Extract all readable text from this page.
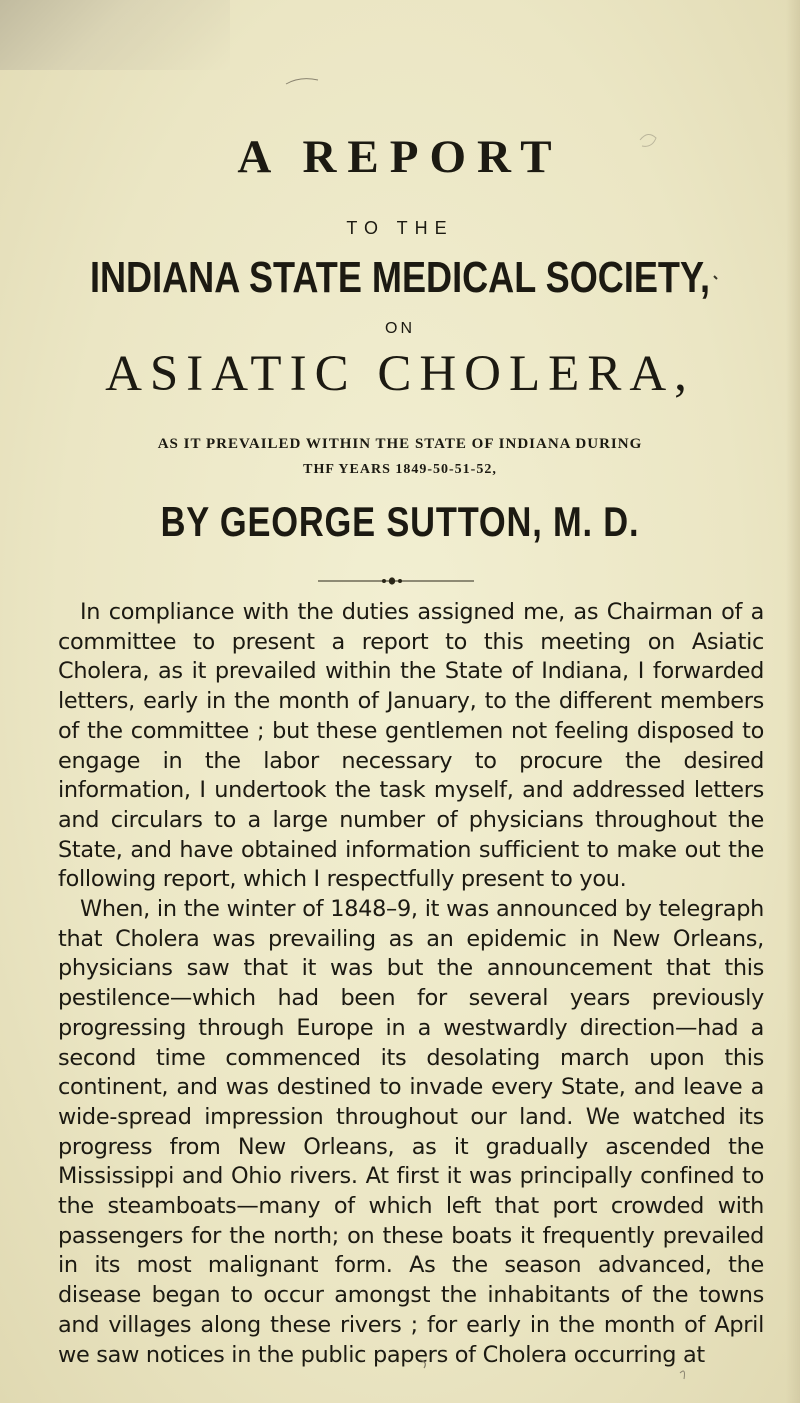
A REPORT
TO THE
INDIANA STATE MEDICAL SOCIETY,
ON
ASIATIC CHOLERA,
AS IT PREVAILED WITHIN THE STATE OF INDIANA DURING
THF YEARS 1849-50-51-52,
BY GEORGE SUTTON, M. D.

In compliance with the duties assigned me, as Chairman of a committee to present a report to this meeting on Asiatic Cholera, as it prevailed within the State of Indiana, I forwarded letters, early in the month of January, to the different members of the committee ; but these gentlemen not feeling disposed to engage in the labor necessary to procure the desired information, I undertook the task myself, and addressed letters and circulars to a large number of physicians throughout the State, and have obtained information sufficient to make out the following report, which I respectfully present to you.

When, in the winter of 1848–9, it was announced by telegraph that Cholera was prevailing as an epidemic in New Orleans, physicians saw that it was but the announcement that this pestilence—which had been for several years previously progressing through Europe in a westwardly direction—had a second time commenced its desolating march upon this continent, and was destined to invade every State, and leave a wide-spread impression throughout our land. We watched its progress from New Orleans, as it gradually ascended the Mississippi and Ohio rivers. At first it was principally confined to the steamboats—many of which left that port crowded with passengers for the north; on these boats it frequently prevailed in its most malignant form. As the season advanced, the disease began to occur amongst the inhabitants of the towns and villages along these rivers ; for early in the month of April we saw notices in the public papers of Cholera occurring at
